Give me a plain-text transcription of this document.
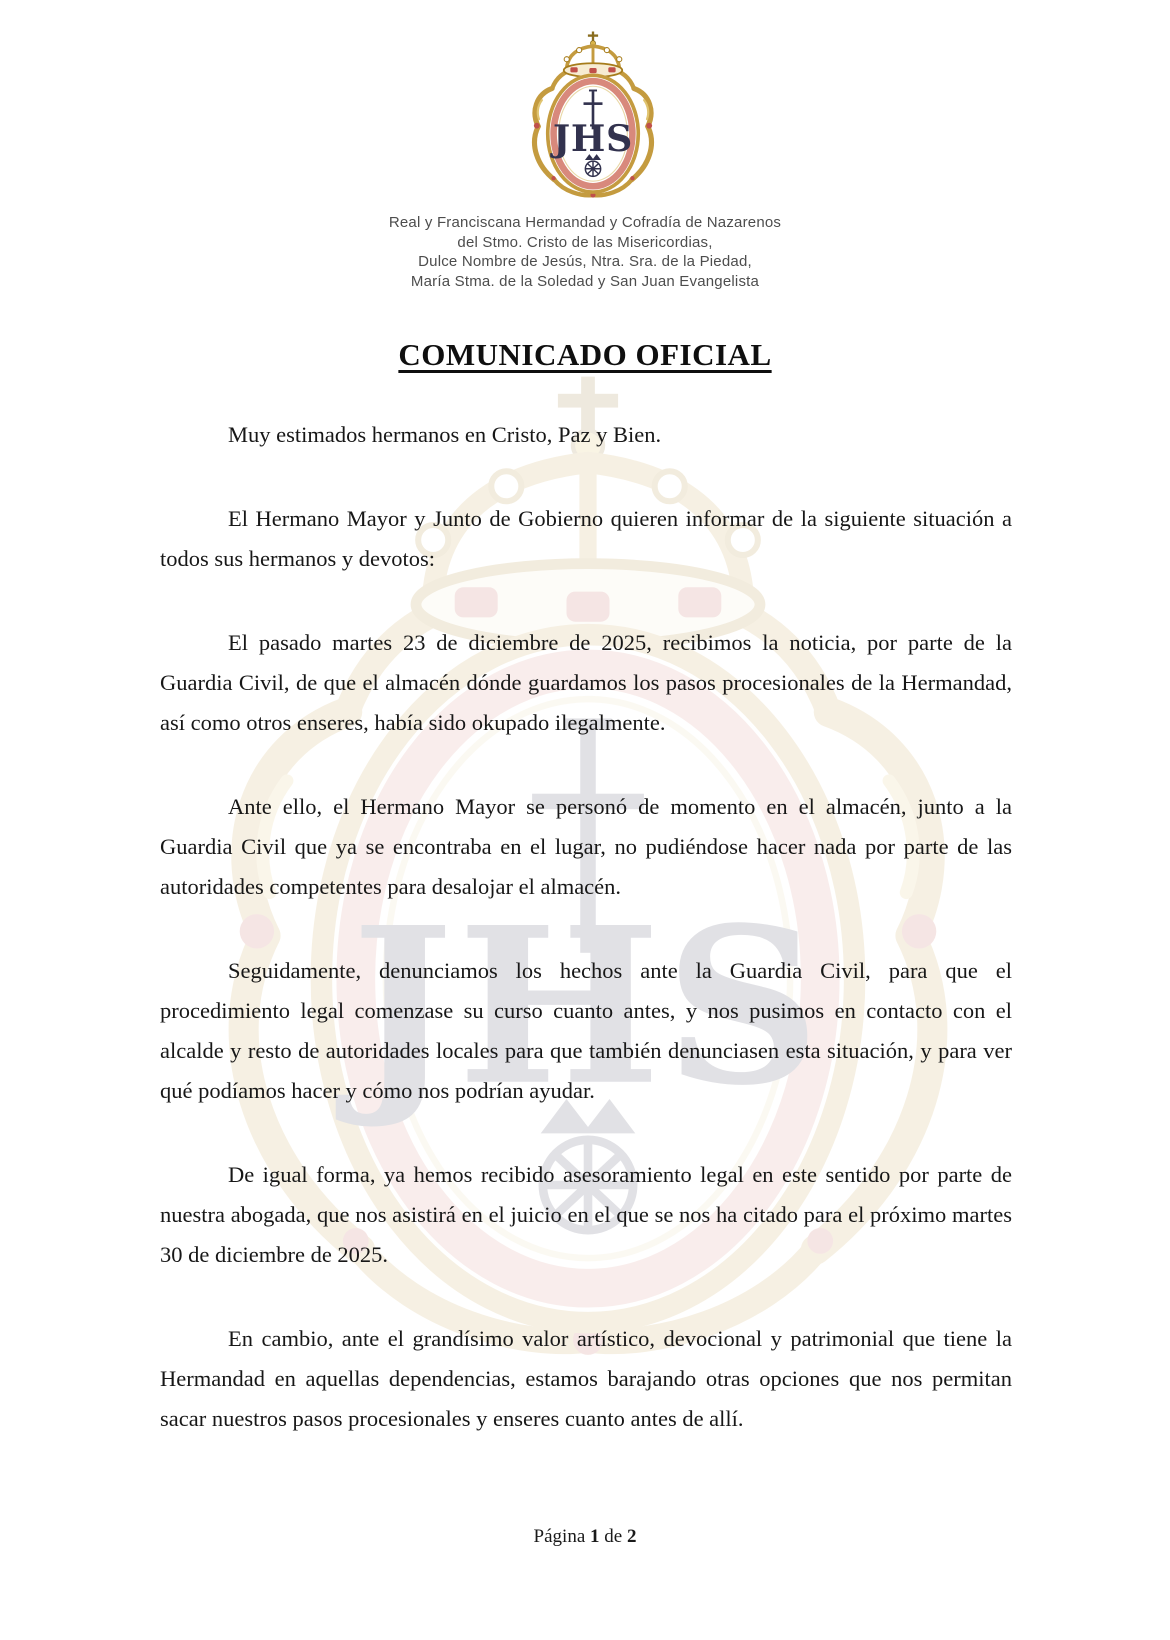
Real y Franciscana Hermandad y Cofradía de Nazarenos
del Stmo. Cristo de las Misericordias,
Dulce Nombre de Jesús, Ntra. Sra. de la Piedad,
María Stma. de la Soledad y San Juan Evangelista
COMUNICADO OFICIAL

Muy estimados hermanos en Cristo, Paz y Bien.

El Hermano Mayor y Junto de Gobierno quieren informar de la siguiente situación a todos sus hermanos y devotos:

El pasado martes 23 de diciembre de 2025, recibimos la noticia, por parte de la Guardia Civil, de que el almacén dónde guardamos los pasos procesionales de la Hermandad, así como otros enseres, había sido okupado ilegalmente.

Ante ello, el Hermano Mayor se personó de momento en el almacén, junto a la Guardia Civil que ya se encontraba en el lugar, no pudiéndose hacer nada por parte de las autoridades competentes para desalojar el almacén.

Seguidamente, denunciamos los hechos ante la Guardia Civil, para que el procedimiento legal comenzase su curso cuanto antes, y nos pusimos en contacto con el alcalde y resto de autoridades locales para que también denunciasen esta situación, y para ver qué podíamos hacer y cómo nos podrían ayudar.

De igual forma, ya hemos recibido asesoramiento legal en este sentido por parte de nuestra abogada, que nos asistirá en el juicio en el que se nos ha citado para el próximo martes 30 de diciembre de 2025.

En cambio, ante el grandísimo valor artístico, devocional y patrimonial que tiene la Hermandad en aquellas dependencias, estamos barajando otras opciones que nos permitan sacar nuestros pasos procesionales y enseres cuanto antes de allí.

Página 1 de 2
